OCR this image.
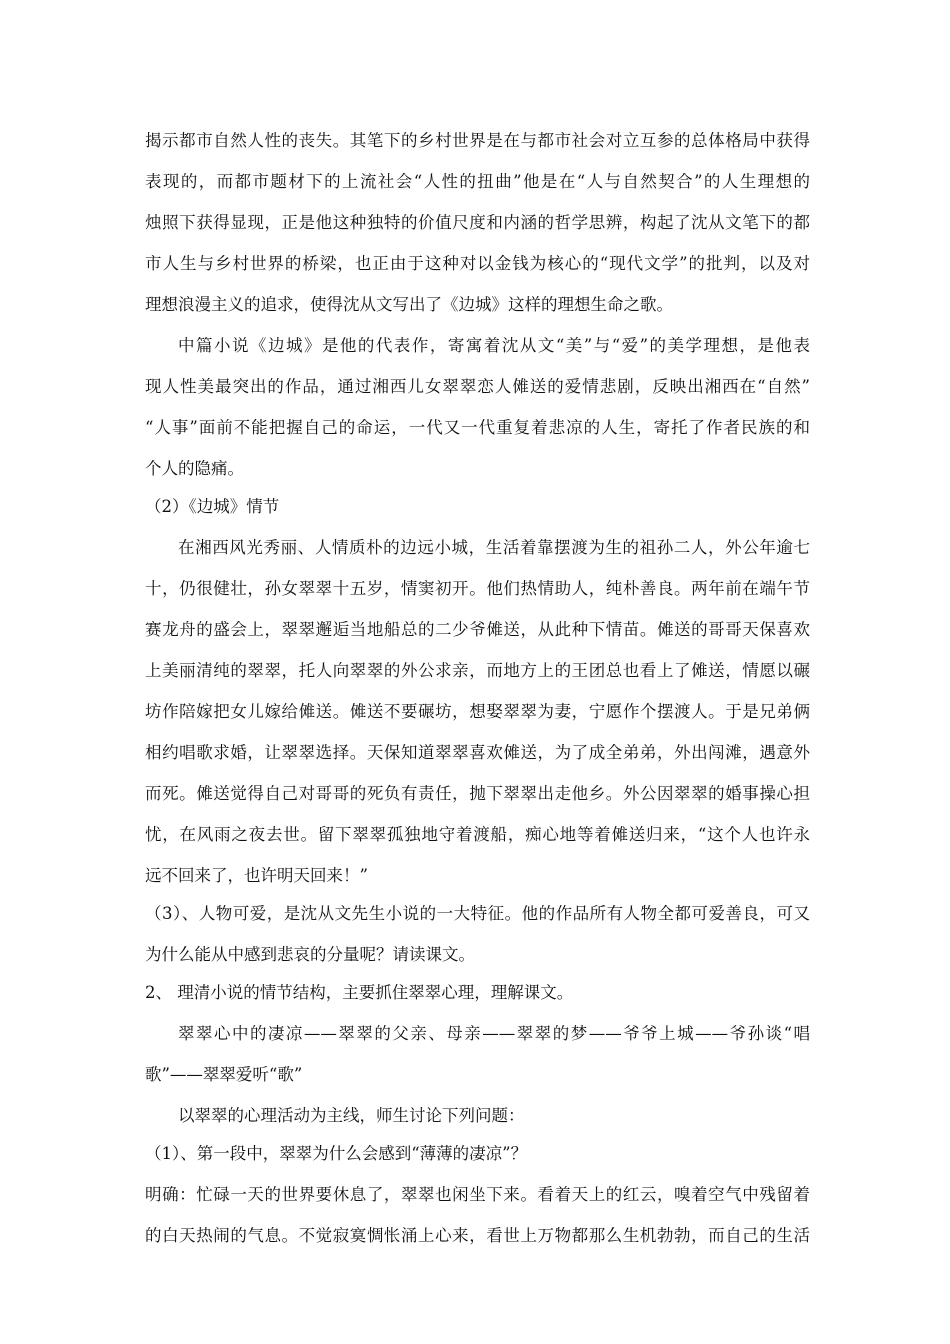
揭示都市自然人性的丧失。其笔下的乡村世界是在与都市社会对立互参的总体格局中获得
表现的，而都市题材下的上流社会“人性的扭曲”他是在“人与自然契合”的人生理想的
烛照下获得显现，正是他这种独特的价值尺度和内涵的哲学思辨，构起了沈从文笔下的都
市人生与乡村世界的桥梁，也正由于这种对以金钱为核心的“现代文学”的批判，以及对
理想浪漫主义的追求，使得沈从文写出了《边城》这样的理想生命之歌。
中篇小说《边城》是他的代表作，寄寓着沈从文“美”与“爱”的美学理想，是他表
现人性美最突出的作品，通过湘西儿女翠翠恋人傩送的爱情悲剧，反映出湘西在“自然”
“人事”面前不能把握自己的命运，一代又一代重复着悲凉的人生，寄托了作者民族的和
个人的隐痛。
（2）《边城》情节
在湘西风光秀丽、人情质朴的边远小城，生活着靠摆渡为生的祖孙二人，外公年逾七
十，仍很健壮，孙女翠翠十五岁，情窦初开。他们热情助人，纯朴善良。两年前在端午节
赛龙舟的盛会上，翠翠邂逅当地船总的二少爷傩送，从此种下情苗。傩送的哥哥天保喜欢
上美丽清纯的翠翠，托人向翠翠的外公求亲，而地方上的王团总也看上了傩送，情愿以碾
坊作陪嫁把女儿嫁给傩送。傩送不要碾坊，想娶翠翠为妻，宁愿作个摆渡人。于是兄弟俩
相约唱歌求婚，让翠翠选择。天保知道翠翠喜欢傩送，为了成全弟弟，外出闯滩，遇意外
而死。傩送觉得自己对哥哥的死负有责任，抛下翠翠出走他乡。外公因翠翠的婚事操心担
忧，在风雨之夜去世。留下翠翠孤独地守着渡船，痴心地等着傩送归来，“这个人也许永
远不回来了，也许明天回来！”
（3）、人物可爱，是沈从文先生小说的一大特征。他的作品所有人物全都可爱善良，可又
为什么能从中感到悲哀的分量呢？请读课文。
2、 理清小说的情节结构，主要抓住翠翠心理，理解课文。
翠翠心中的凄凉——翠翠的父亲、母亲——翠翠的梦——爷爷上城——爷孙谈“唱
歌”——翠翠爱听“歌”
以翠翠的心理活动为主线，师生讨论下列问题：
（1）、第一段中，翠翠为什么会感到“薄薄的凄凉”？
明确：忙碌一天的世界要休息了，翠翠也闲坐下来。看着天上的红云，嗅着空气中残留着
的白天热闹的气息。不觉寂寞惆怅涌上心来，看世上万物都那么生机勃勃，而自己的生活
